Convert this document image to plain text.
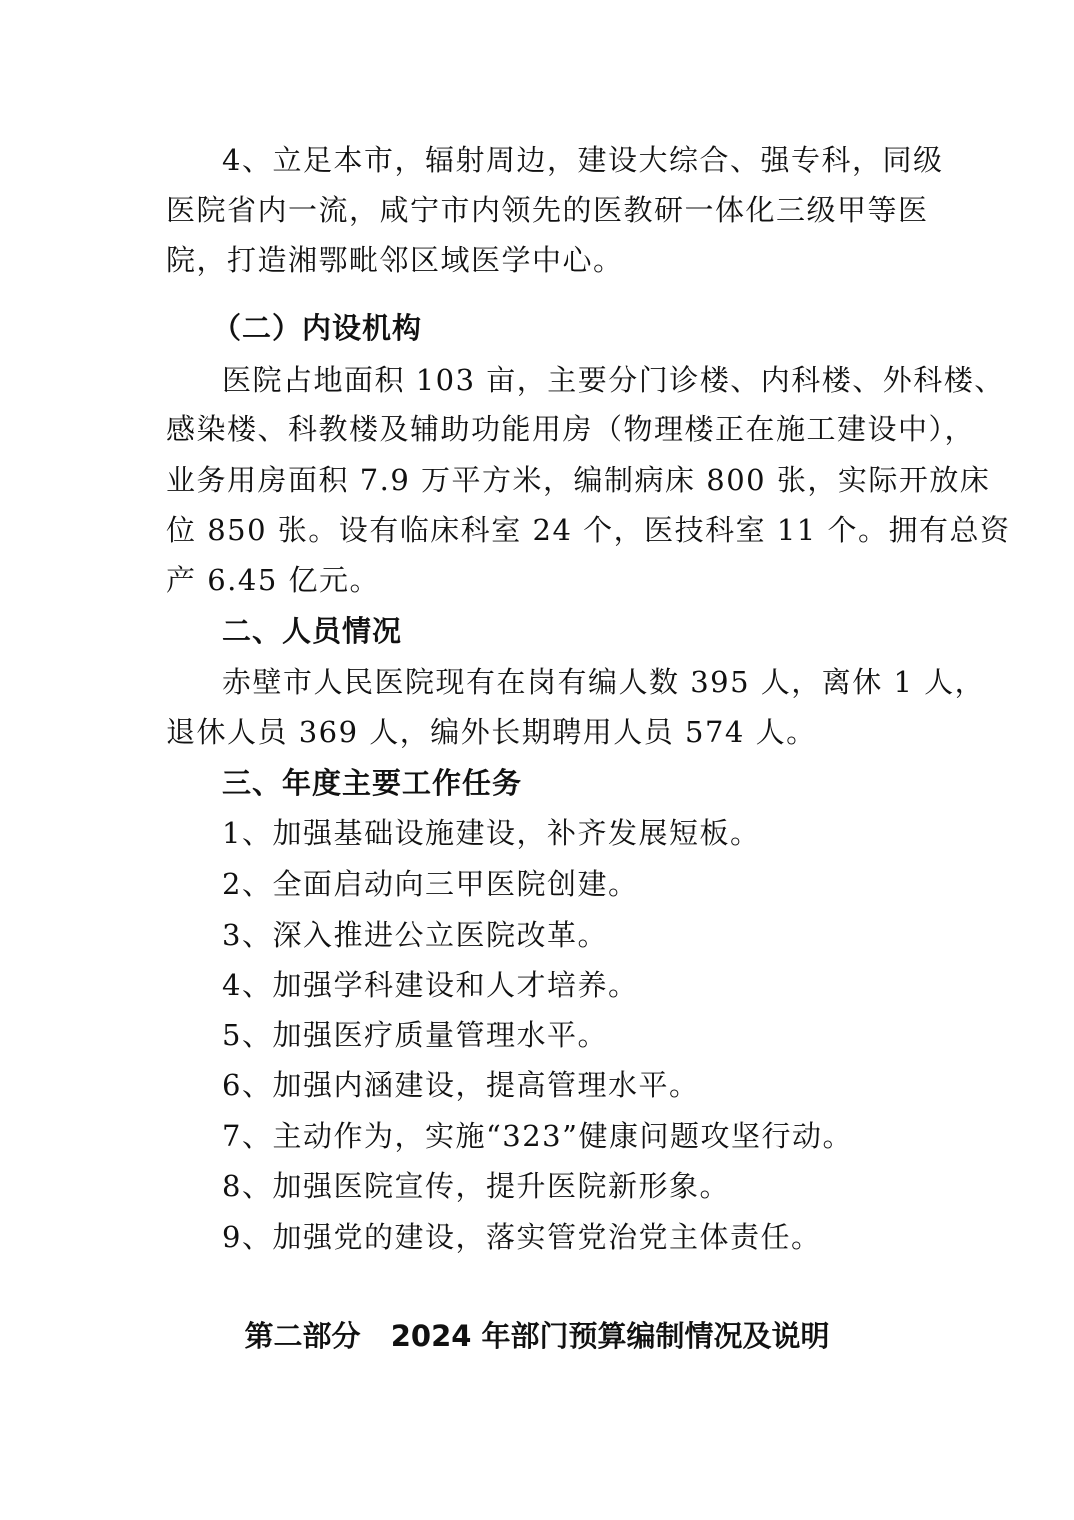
4、立足本市，辐射周边，建设大综合、强专科，同级
医院省内一流，咸宁市内领先的医教研一体化三级甲等医
院，打造湘鄂毗邻区域医学中心。
（二）内设机构
医院占地面积 103 亩，主要分门诊楼、内科楼、外科楼、
感染楼、科教楼及辅助功能用房（物理楼正在施工建设中），
业务用房面积 7.9 万平方米，编制病床 800 张，实际开放床
位 850 张。设有临床科室 24 个，医技科室 11 个。拥有总资
产 6.45 亿元。
二、人员情况
赤壁市人民医院现有在岗有编人数 395 人，离休 1 人，
退休人员 369 人，编外长期聘用人员 574 人。
三、年度主要工作任务
1、加强基础设施建设，补齐发展短板。
2、全面启动向三甲医院创建。
3、深入推进公立医院改革。
4、加强学科建设和人才培养。
5、加强医疗质量管理水平。
6、加强内涵建设，提高管理水平。
7、主动作为，实施“323”健康问题攻坚行动。
8、加强医院宣传，提升医院新形象。
9、加强党的建设，落实管党治党主体责任。
第二部分   2024 年部门预算编制情况及说明
